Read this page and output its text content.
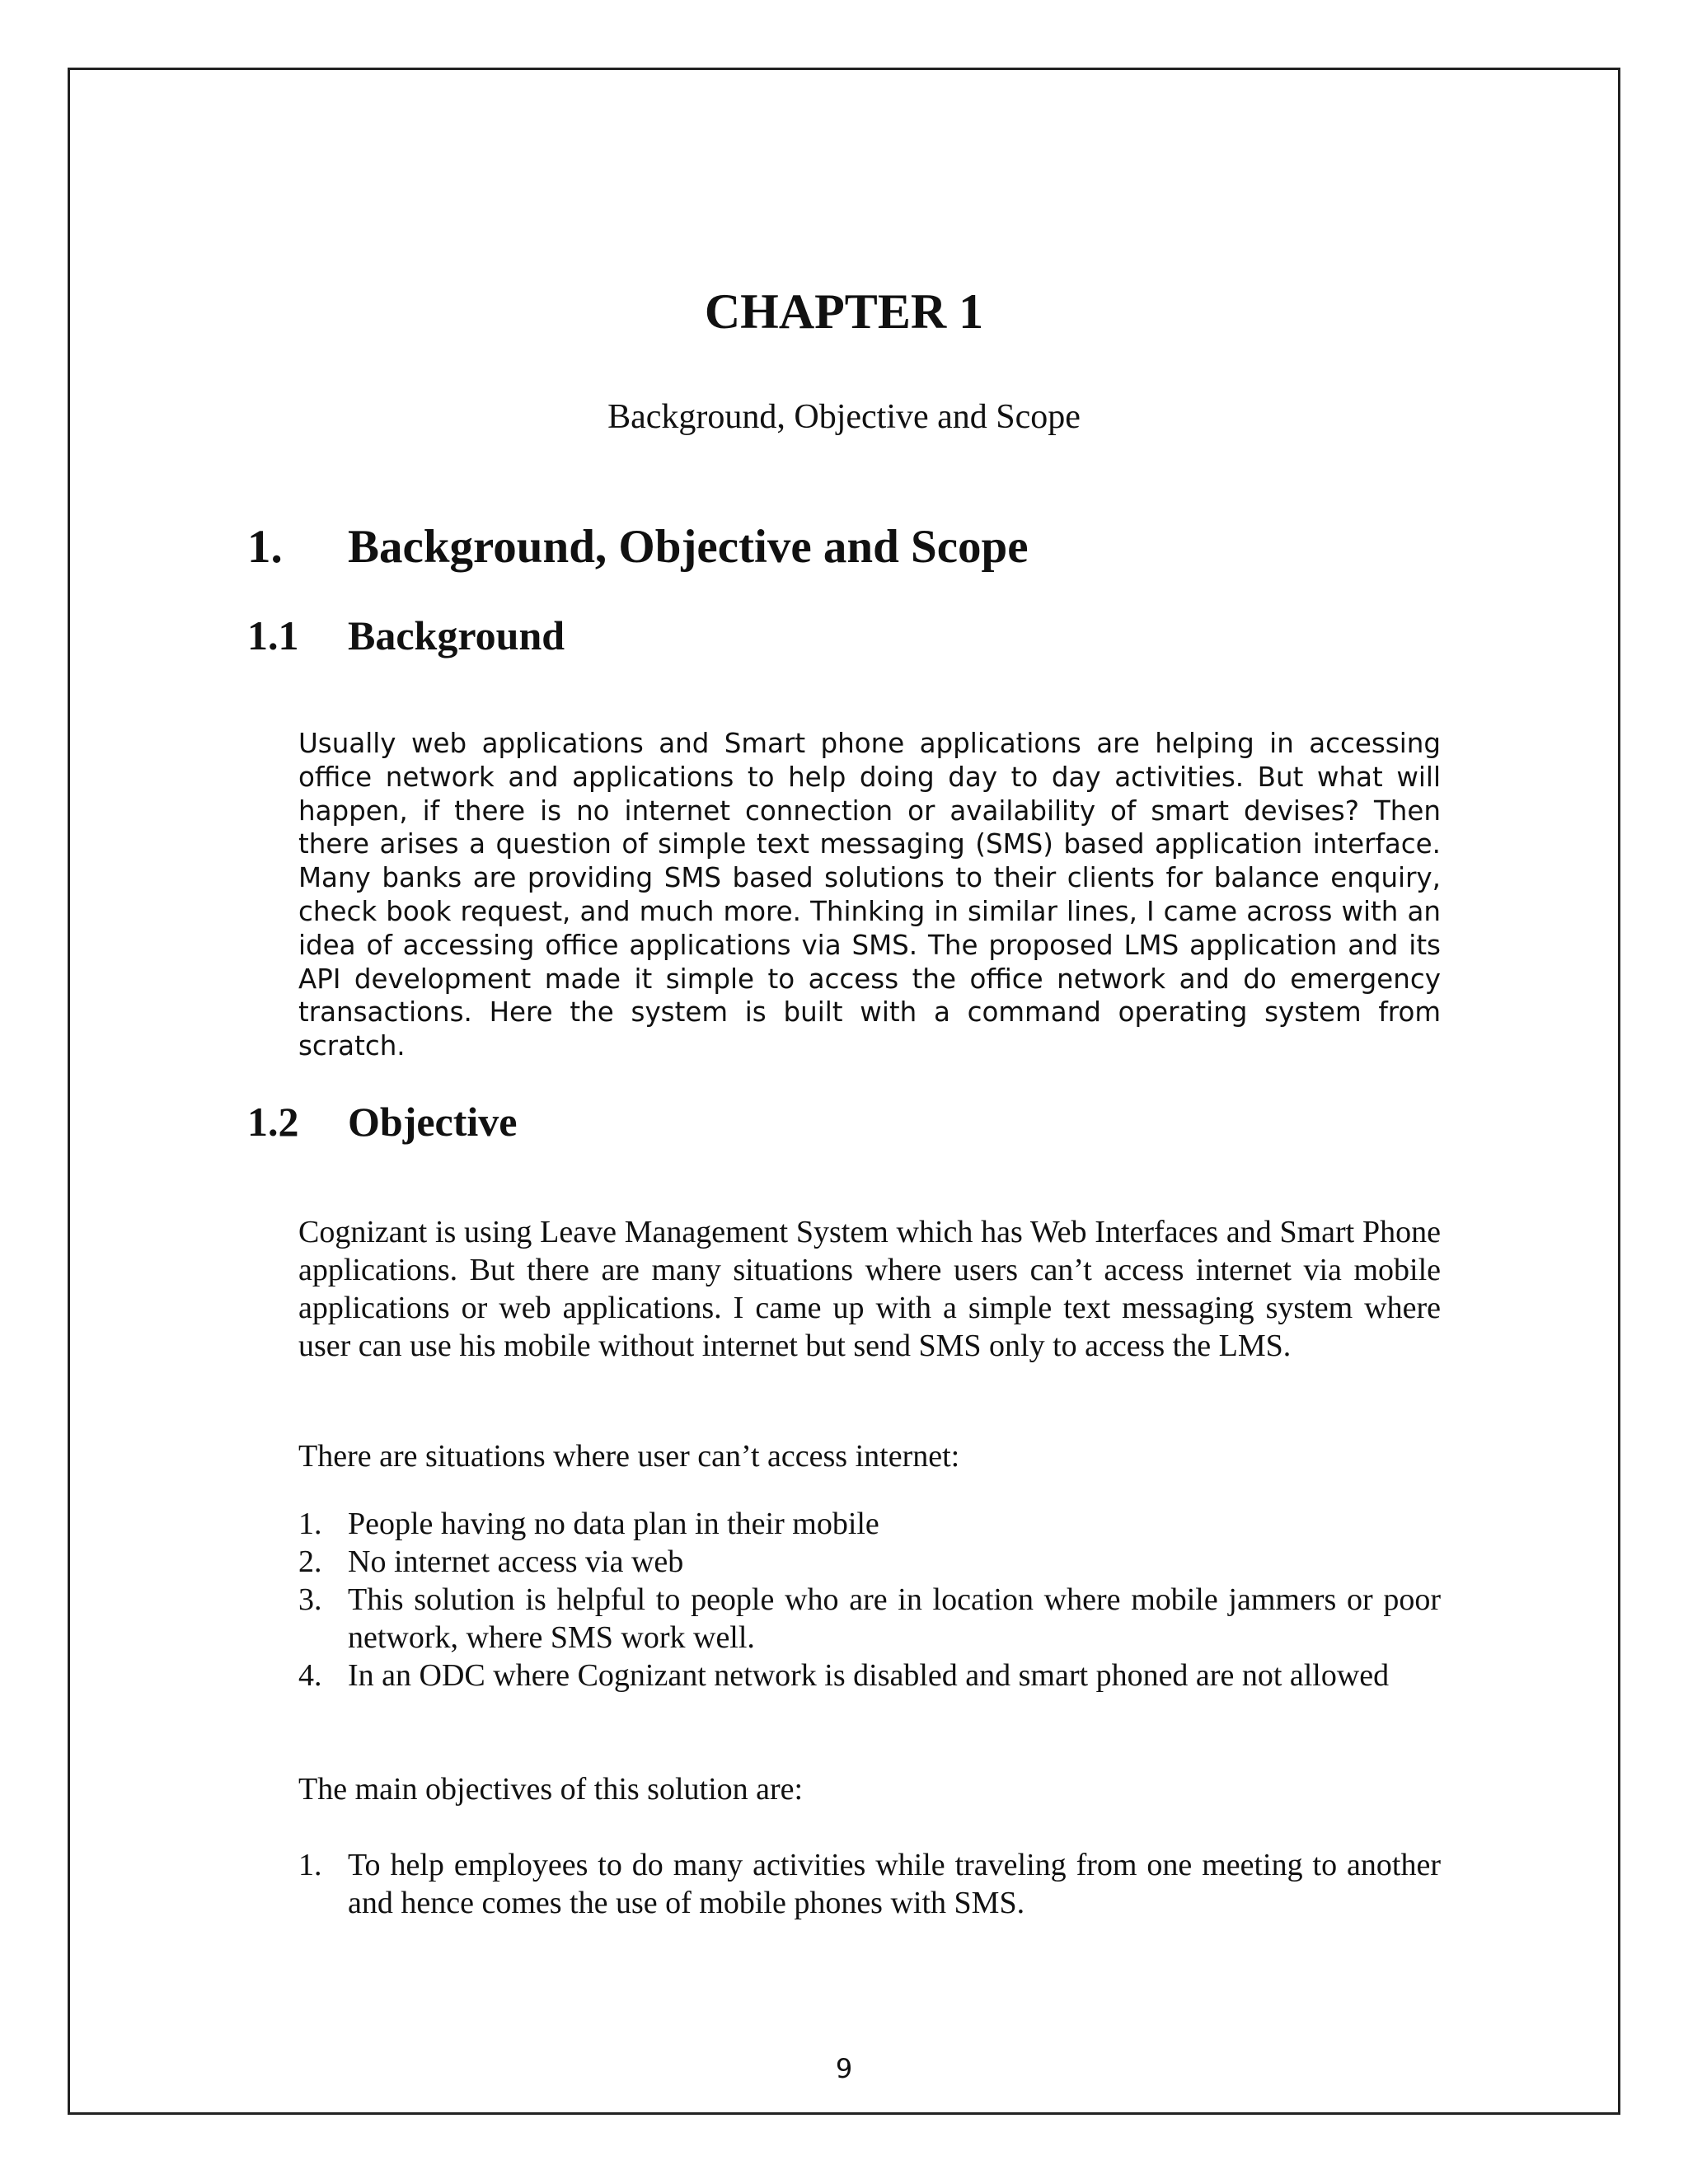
CHAPTER 1
Background, Objective and Scope
1. Background, Objective and Scope
1.1 Background

Usually web applications and Smart phone applications are helping in accessing office network and applications to help doing day to day activities. But what will happen, if there is no internet connection or availability of smart devises? Then there arises a question of simple text messaging (SMS) based application interface. Many banks are providing SMS based solutions to their clients for balance enquiry, check book request, and much more. Thinking in similar lines, I came across with an idea of accessing office applications via SMS. The proposed LMS application and its API development made it simple to access the office network and do emergency transactions. Here the system is built with a command operating system from scratch.

1.2 Objective

Cognizant is using Leave Management System which has Web Interfaces and Smart Phone applications. But there are many situations where users can’t access internet via mobile applications or web applications. I came up with a simple text messaging system where user can use his mobile without internet but send SMS only to access the LMS.

There are situations where user can’t access internet:

1. People having no data plan in their mobile
2. No internet access via web
3. This solution is helpful to people who are in location where mobile jammers or poor network, where SMS work well.
4. In an ODC where Cognizant network is disabled and smart phoned are not allowed

The main objectives of this solution are:

1. To help employees to do many activities while traveling from one meeting to another and hence comes the use of mobile phones with SMS.
9
